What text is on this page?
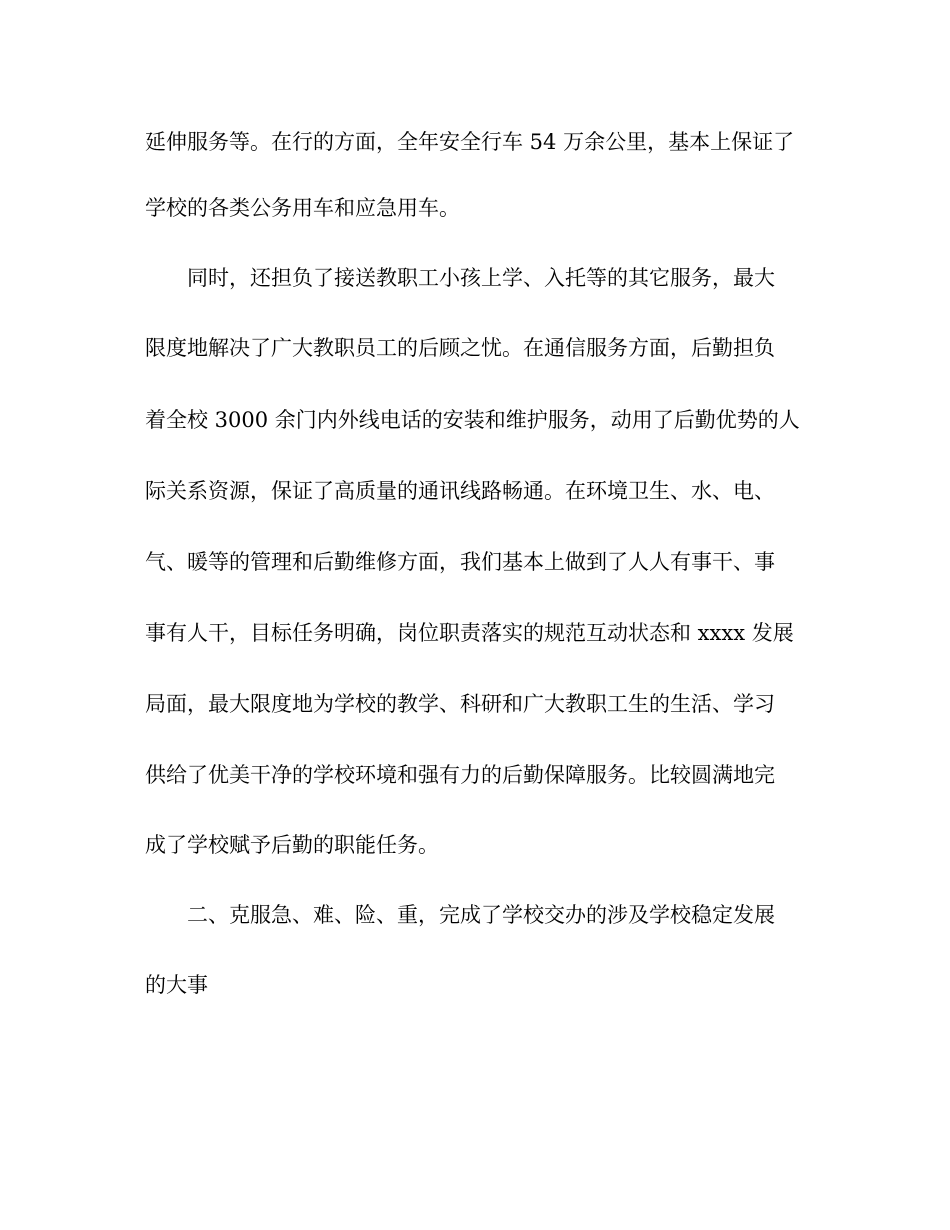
延伸服务等。在行的方面，全年安全行车 54 万余公里，基本上保证了
学校的各类公务用车和应急用车。
同时，还担负了接送教职工小孩上学、入托等的其它服务，最大
限度地解决了广大教职员工的后顾之忧。在通信服务方面，后勤担负
着全校 3000 余门内外线电话的安装和维护服务，动用了后勤优势的人
际关系资源，保证了高质量的通讯线路畅通。在环境卫生、水、电、
气、暖等的管理和后勤维修方面，我们基本上做到了人人有事干、事
事有人干，目标任务明确，岗位职责落实的规范互动状态和 xxxx 发展
局面，最大限度地为学校的教学、科研和广大教职工生的生活、学习
供给了优美干净的学校环境和强有力的后勤保障服务。比较圆满地完
成了学校赋予后勤的职能任务。
二、克服急、难、险、重，完成了学校交办的涉及学校稳定发展
的大事
